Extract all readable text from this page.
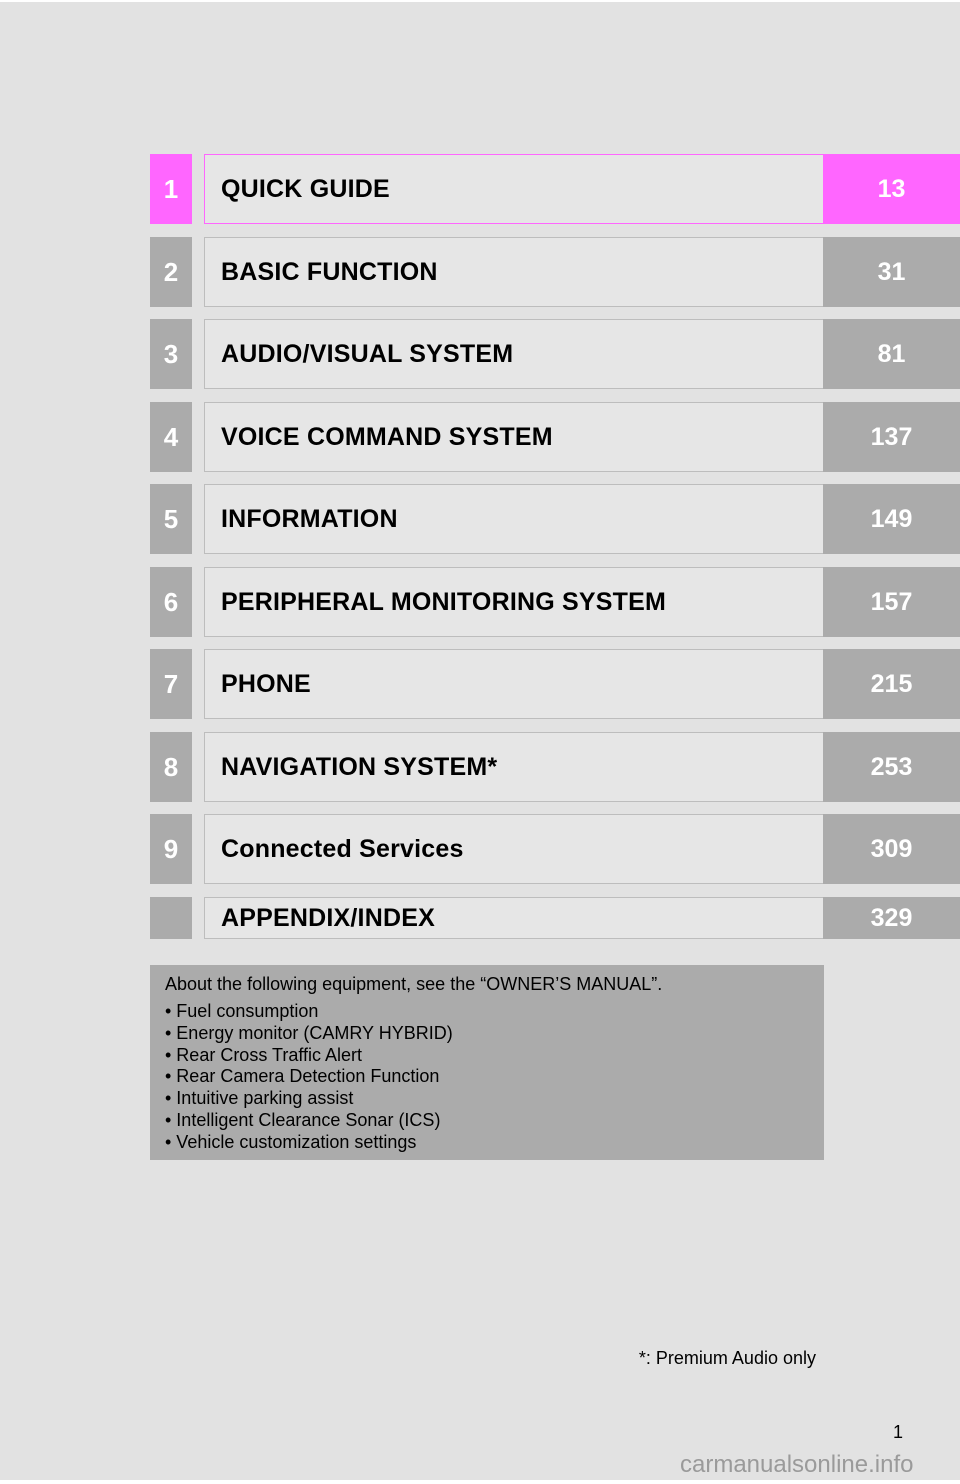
1	QUICK GUIDE	13
2	BASIC FUNCTION	31
3	AUDIO/VISUAL SYSTEM	81
4	VOICE COMMAND SYSTEM	137
5	INFORMATION	149
6	PERIPHERAL MONITORING SYSTEM	157
7	PHONE	215
8	NAVIGATION SYSTEM*	253
9	Connected Services	309
APPENDIX/INDEX	329
About the following equipment, see the “OWNER’S MANUAL”.
• Fuel consumption
• Energy monitor (CAMRY HYBRID)
• Rear Cross Traffic Alert
• Rear Camera Detection Function
• Intuitive parking assist
• Intelligent Clearance Sonar (ICS)
• Vehicle customization settings
*: Premium Audio only
1
carmanualsonline.info
